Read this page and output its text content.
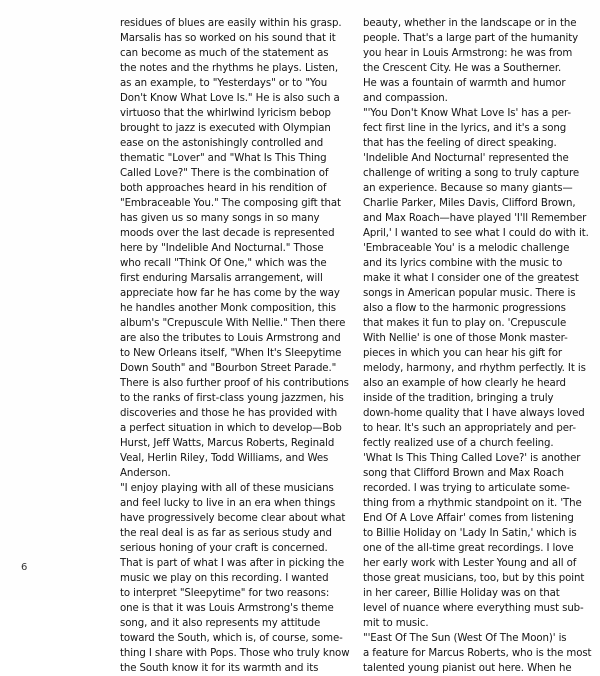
residues of blues are easily within his grasp.
Marsalis has so worked on his sound that it
can become as much of the statement as
the notes and the rhythms he plays. Listen,
as an example, to "Yesterdays" or to "You
Don't Know What Love Is." He is also such a
virtuoso that the whirlwind lyricism bebop
brought to jazz is executed with Olympian
ease on the astonishingly controlled and
thematic "Lover" and "What Is This Thing
Called Love?" There is the combination of
both approaches heard in his rendition of
"Embraceable You." The composing gift that
has given us so many songs in so many
moods over the last decade is represented
here by "Indelible And Nocturnal." Those
who recall "Think Of One," which was the
first enduring Marsalis arrangement, will
appreciate how far he has come by the way
he handles another Monk composition, this
album's "Crepuscule With Nellie." Then there
are also the tributes to Louis Armstrong and
to New Orleans itself, "When It's Sleepytime
Down South" and "Bourbon Street Parade."
There is also further proof of his contributions
to the ranks of first-class young jazzmen, his
discoveries and those he has provided with
a perfect situation in which to develop—Bob
Hurst, Jeff Watts, Marcus Roberts, Reginald
Veal, Herlin Riley, Todd Williams, and Wes
Anderson.
"I enjoy playing with all of these musicians
and feel lucky to live in an era when things
have progressively become clear about what
the real deal is as far as serious study and
serious honing of your craft is concerned.
That is part of what I was after in picking the
music we play on this recording. I wanted
to interpret "Sleepytime" for two reasons:
one is that it was Louis Armstrong's theme
song, and it also represents my attitude
toward the South, which is, of course, some-
thing I share with Pops. Those who truly know
the South know it for its warmth and its
beauty, whether in the landscape or in the
people. That's a large part of the humanity
you hear in Louis Armstrong: he was from
the Crescent City. He was a Southerner.
He was a fountain of warmth and humor
and compassion.
"'You Don't Know What Love Is' has a per-
fect first line in the lyrics, and it's a song
that has the feeling of direct speaking.
'Indelible And Nocturnal' represented the
challenge of writing a song to truly capture
an experience. Because so many giants—
Charlie Parker, Miles Davis, Clifford Brown,
and Max Roach—have played 'I'll Remember
April,' I wanted to see what I could do with it.
'Embraceable You' is a melodic challenge
and its lyrics combine with the music to
make it what I consider one of the greatest
songs in American popular music. There is
also a flow to the harmonic progressions
that makes it fun to play on. 'Crepuscule
With Nellie' is one of those Monk master-
pieces in which you can hear his gift for
melody, harmony, and rhythm perfectly. It is
also an example of how clearly he heard
inside of the tradition, bringing a truly
down-home quality that I have always loved
to hear. It's such an appropriately and per-
fectly realized use of a church feeling.
'What Is This Thing Called Love?' is another
song that Clifford Brown and Max Roach
recorded. I was trying to articulate some-
thing from a rhythmic standpoint on it. 'The
End Of A Love Affair' comes from listening
to Billie Holiday on 'Lady In Satin,' which is
one of the all-time great recordings. I love
her early work with Lester Young and all of
those great musicians, too, but by this point
in her career, Billie Holiday was on that
level of nuance where everything must sub-
mit to music.
"'East Of The Sun (West Of The Moon)' is
a feature for Marcus Roberts, who is the most
talented young pianist out here. When he
6
